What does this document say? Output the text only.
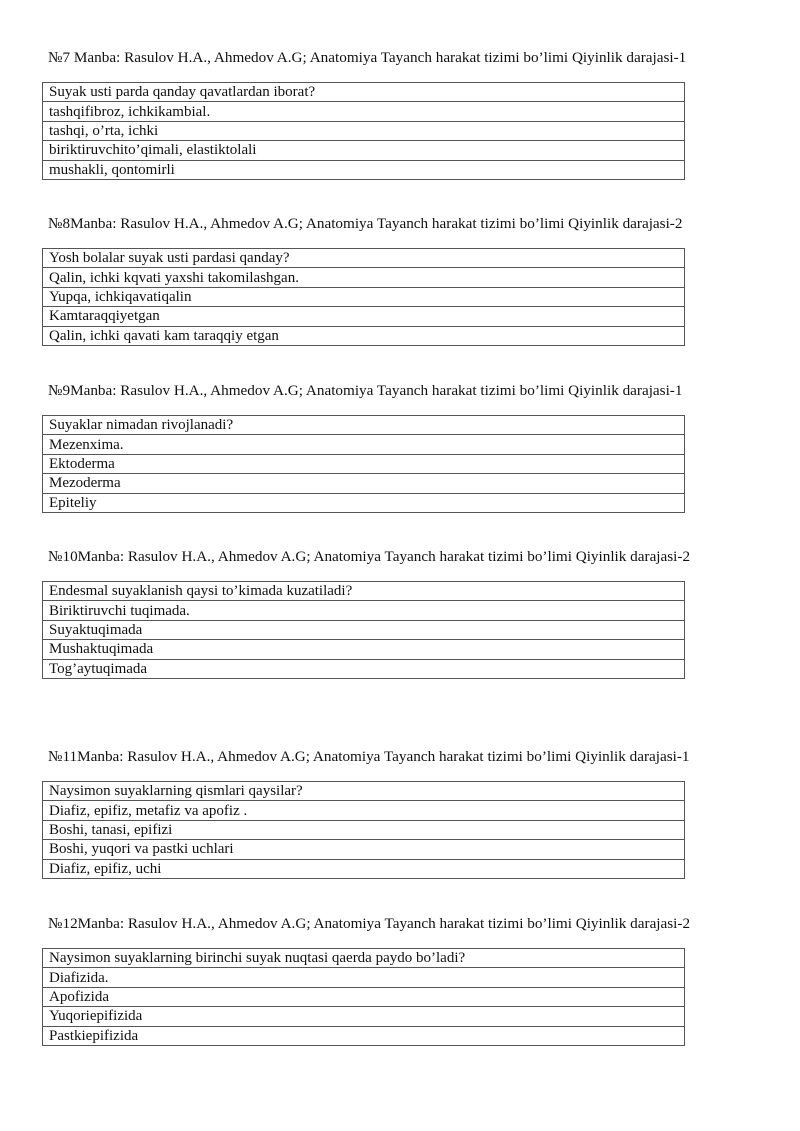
№7 Manba: Rasulov H.A., Ahmedov A.G; Anatomiya Tayanch harakat tizimi bo’limi Qiyinlik darajasi-1
Suyak usti parda qanday qavatlardan iborat?
tashqifibroz, ichkikambial.
tashqi, o’rta, ichki
biriktiruvchito’qimali, elastiktolali
mushakli, qontomirli
№8Manba: Rasulov H.A., Ahmedov A.G; Anatomiya Tayanch harakat tizimi bo’limi Qiyinlik darajasi-2
Yosh bolalar suyak usti pardasi qanday?
Qalin, ichki kqvati yaxshi takomilashgan.
Yupqa, ichkiqavatiqalin
Kamtaraqqiyetgan
Qalin, ichki qavati kam taraqqiy etgan
№9Manba: Rasulov H.A., Ahmedov A.G; Anatomiya Tayanch harakat tizimi bo’limi Qiyinlik darajasi-1
Suyaklar nimadan rivojlanadi?
Mezenxima.
Ektoderma
Mezoderma
Epiteliy
№10Manba: Rasulov H.A., Ahmedov A.G; Anatomiya Tayanch harakat tizimi bo’limi Qiyinlik darajasi-2
Endesmal suyaklanish qaysi to’kimada kuzatiladi?
Biriktiruvchi tuqimada.
Suyaktuqimada
Mushaktuqimada
Tog’aytuqimada
№11Manba: Rasulov H.A., Ahmedov A.G; Anatomiya Tayanch harakat tizimi bo’limi Qiyinlik darajasi-1
Naysimon suyaklarning qismlari qaysilar?
Diafiz, epifiz, metafiz va apofiz .
Boshi, tanasi, epifizi
Boshi, yuqori va pastki uchlari
Diafiz, epifiz, uchi
№12Manba: Rasulov H.A., Ahmedov A.G; Anatomiya Tayanch harakat tizimi bo’limi Qiyinlik darajasi-2
Naysimon suyaklarning birinchi suyak nuqtasi qaerda paydo bo’ladi?
Diafizida.
Apofizida
Yuqoriepifizida
Pastkiepifizida
